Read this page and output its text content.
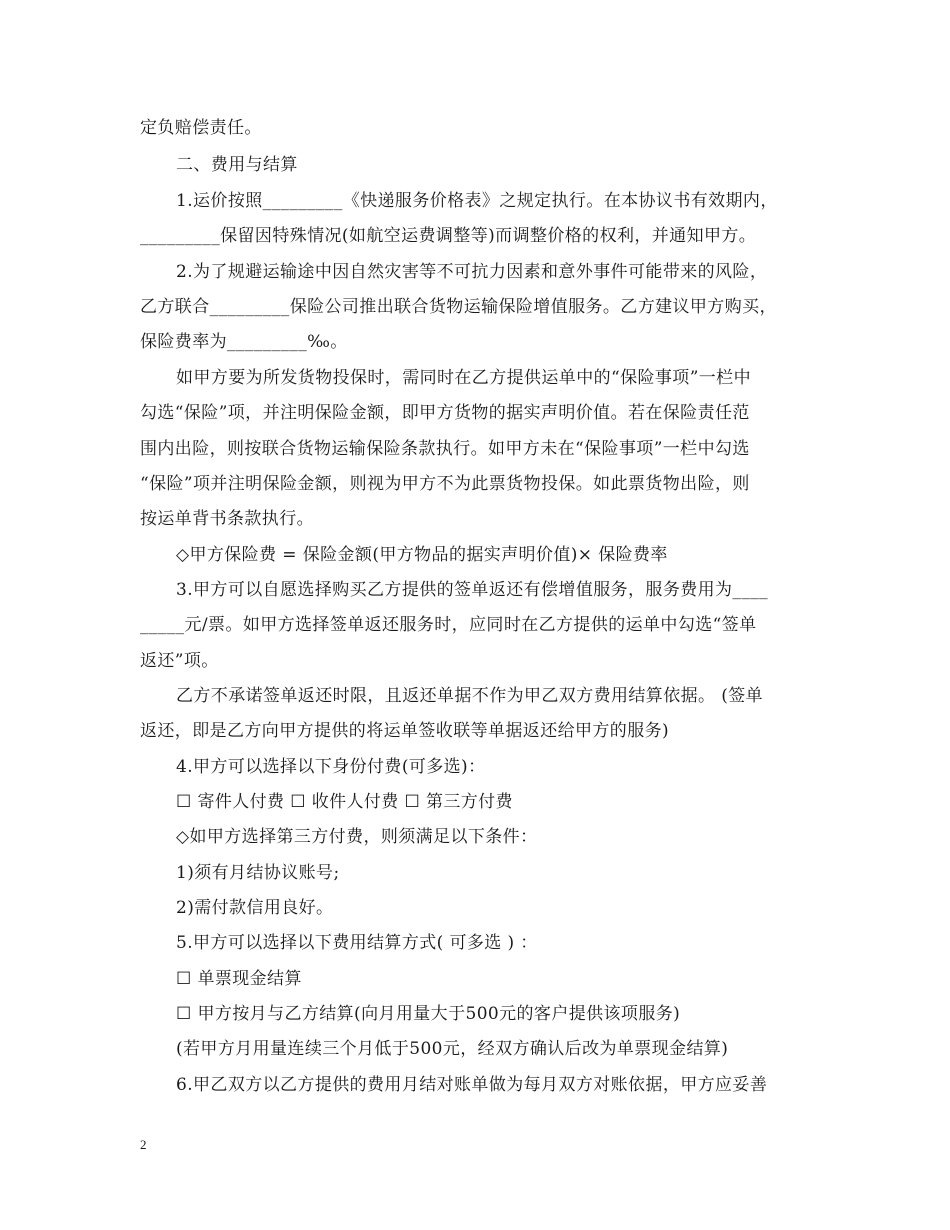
定负赔偿责任。
二、费用与结算
1.运价按照_________《快递服务价格表》之规定执行。在本协议书有效期内，
_________保留因特殊情况(如航空运费调整等)而调整价格的权利，并通知甲方。
2.为了规避运输途中因自然灾害等不可抗力因素和意外事件可能带来的风险，
乙方联合_________保险公司推出联合货物运输保险增值服务。乙方建议甲方购买，
保险费率为_________‰。
如甲方要为所发货物投保时，需同时在乙方提供运单中的“保险事项”一栏中
勾选“保险”项，并注明保险金额，即甲方货物的据实声明价值。若在保险责任范
围内出险，则按联合货物运输保险条款执行。如甲方未在“保险事项”一栏中勾选
“保险”项并注明保险金额，则视为甲方不为此票货物投保。如此票货物出险，则
按运单背书条款执行。
◇甲方保险费 = 保险金额(甲方物品的据实声明价值)× 保险费率
3.甲方可以自愿选择购买乙方提供的签单返还有偿增值服务，服务费用为____
_____元/票。如甲方选择签单返还服务时，应同时在乙方提供的运单中勾选“签单
返还”项。
乙方不承诺签单返还时限，且返还单据不作为甲乙双方费用结算依据。 (签单
返还，即是乙方向甲方提供的将运单签收联等单据返还给甲方的服务)
4.甲方可以选择以下身份付费(可多选)：
☐ 寄件人付费 ☐ 收件人付费 ☐ 第三方付费
◇如甲方选择第三方付费，则须满足以下条件：
1)须有月结协议账号;
2)需付款信用良好。
5.甲方可以选择以下费用结算方式( 可多选 ) ：
☐ 单票现金结算
☐ 甲方按月与乙方结算(向月用量大于500元的客户提供该项服务)
(若甲方月用量连续三个月低于500元，经双方确认后改为单票现金结算)
6.甲乙双方以乙方提供的费用月结对账单做为每月双方对账依据，甲方应妥善
2
